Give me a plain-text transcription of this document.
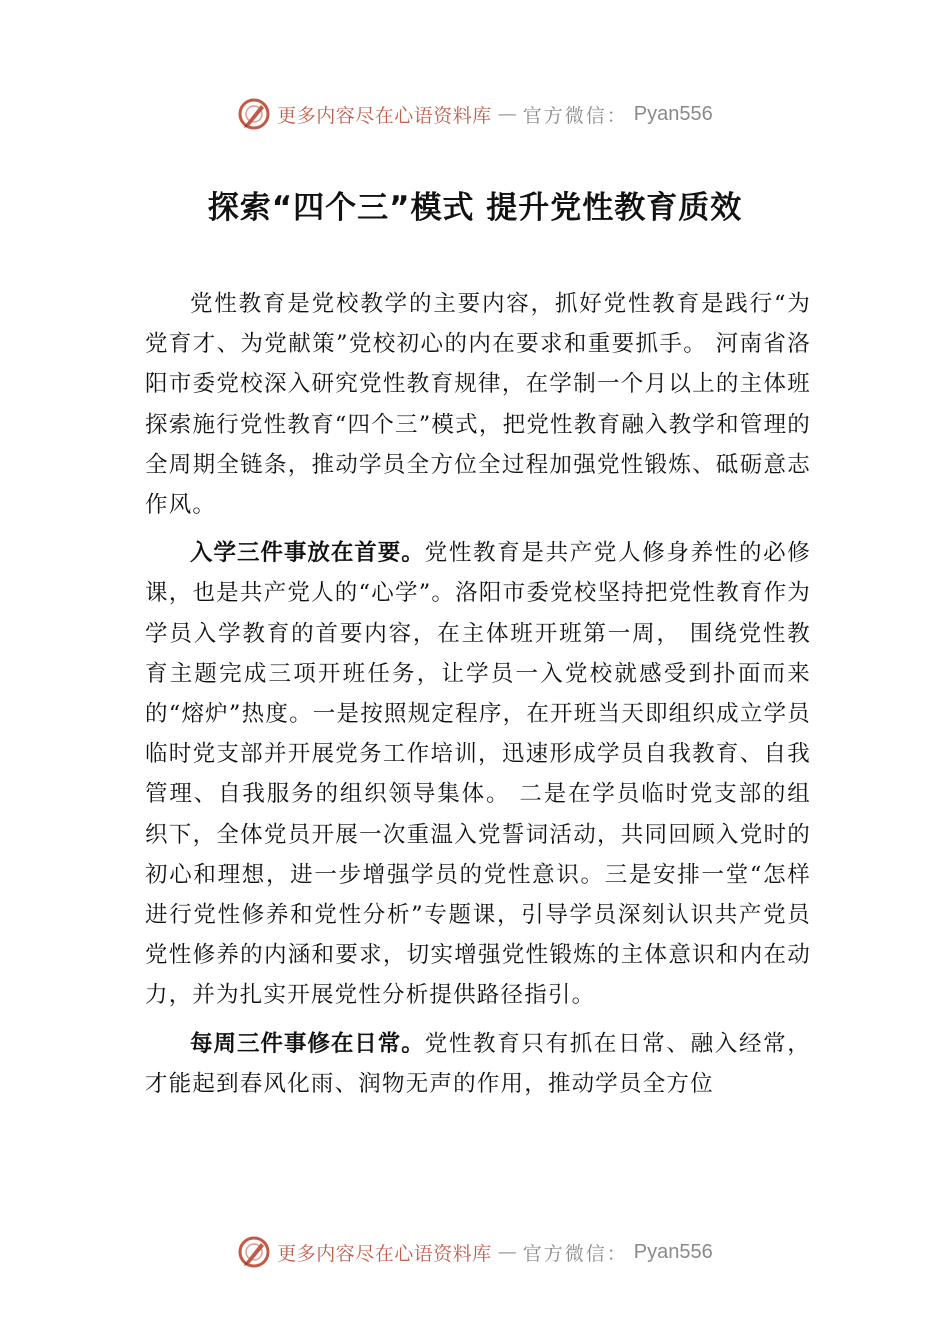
更多内容尽在心语资料库 — 官方微信： Pyan556
探索“四个三”模式 提升党性教育质效

党性教育是党校教学的主要内容，抓好党性教育是践行“为党育才、为党献策”党校初心的内在要求和重要抓手。 河南省洛阳市委党校深入研究党性教育规律，在学制一个月以上的主体班探索施行党性教育“四个三”模式，把党性教育融入教学和管理的全周期全链条，推动学员全方位全过程加强党性锻炼、砥砺意志作风。

入学三件事放在首要。党性教育是共产党人修身养性的必修课，也是共产党人的“心学”。洛阳市委党校坚持把党性教育作为学员入学教育的首要内容，在主体班开班第一周， 围绕党性教育主题完成三项开班任务，让学员一入党校就感受到扑面而来的“熔炉”热度。一是按照规定程序，在开班当天即组织成立学员临时党支部并开展党务工作培训，迅速形成学员自我教育、自我管理、自我服务的组织领导集体。 二是在学员临时党支部的组织下，全体党员开展一次重温入党誓词活动，共同回顾入党时的初心和理想，进一步增强学员的党性意识。三是安排一堂“怎样进行党性修养和党性分析”专题课，引导学员深刻认识共产党员党性修养的内涵和要求，切实增强党性锻炼的主体意识和内在动力，并为扎实开展党性分析提供路径指引。

每周三件事修在日常。党性教育只有抓在日常、融入经常，才能起到春风化雨、润物无声的作用，推动学员全方位

更多内容尽在心语资料库 — 官方微信： Pyan556
